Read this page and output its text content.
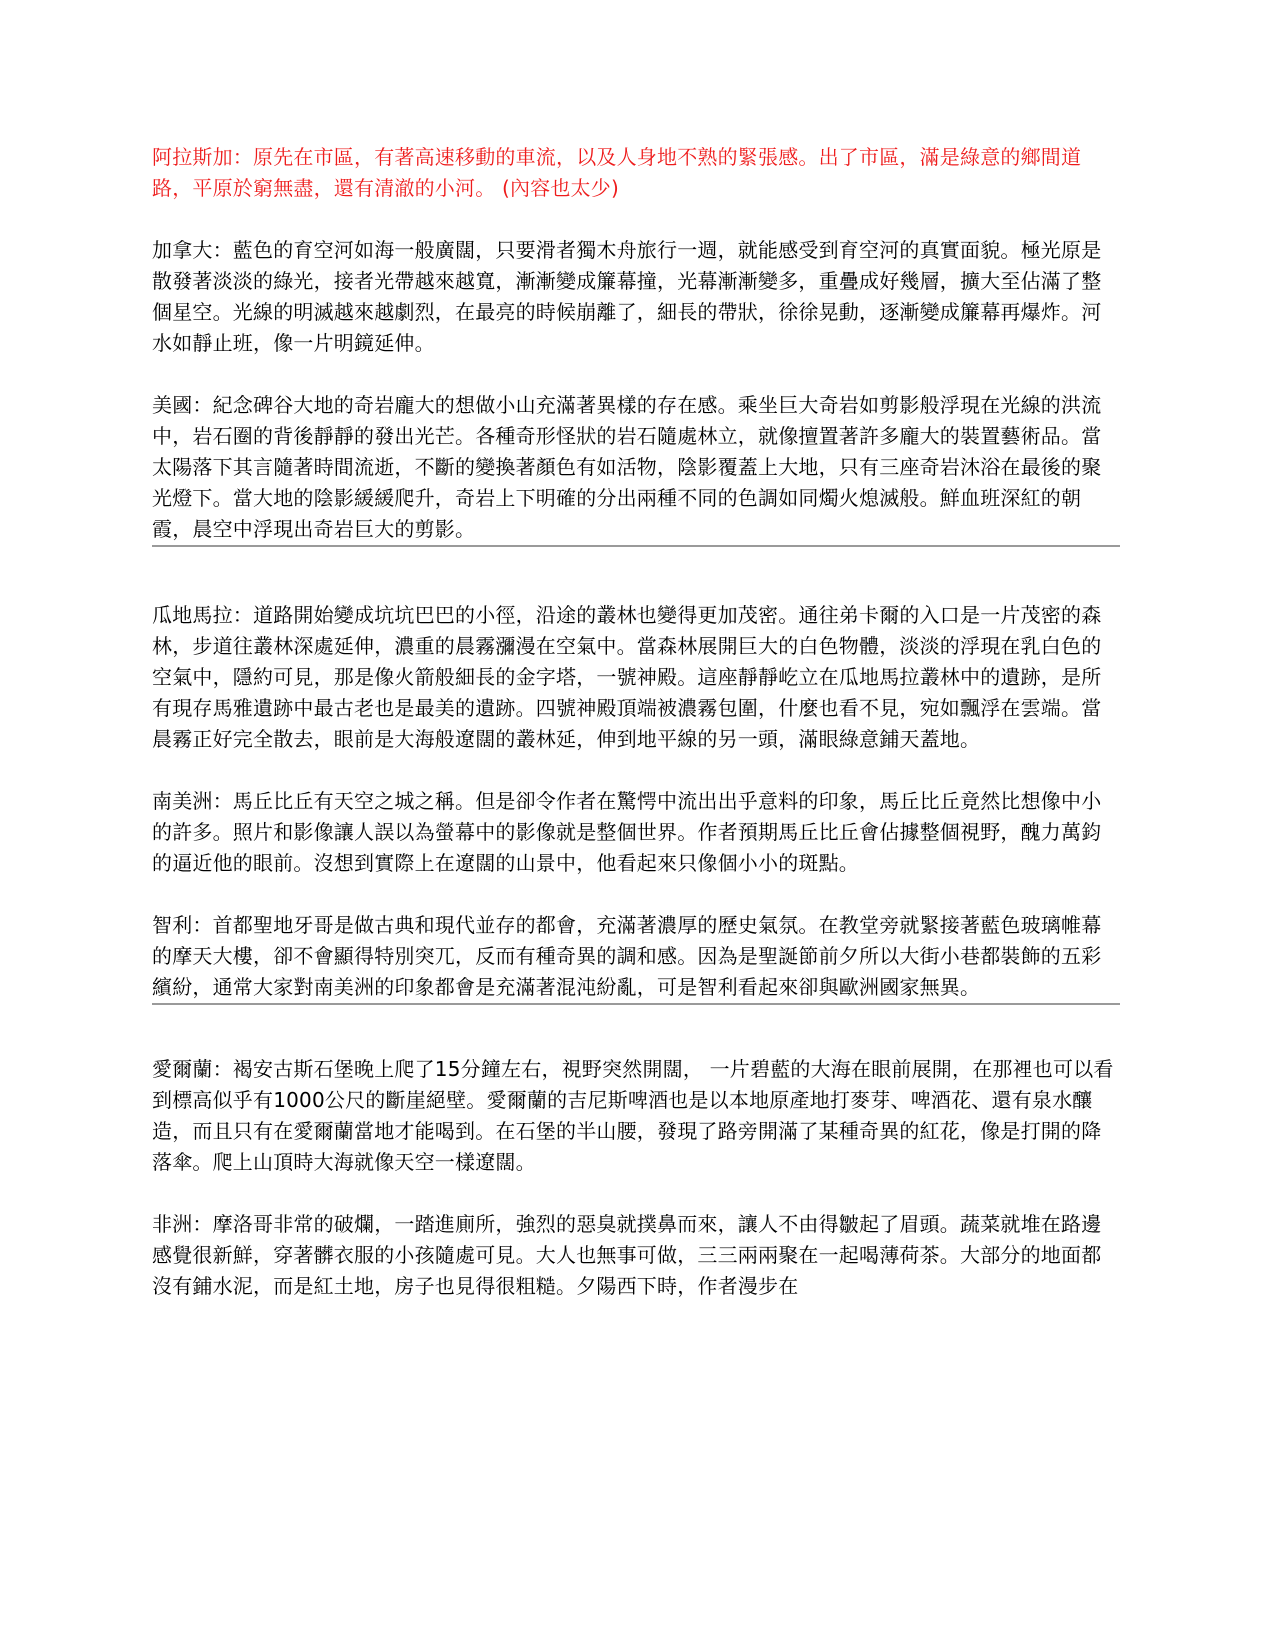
阿拉斯加：原先在市區，有著高速移動的車流，以及人身地不熟的緊張感。出了市區，滿是綠意的鄉間道路，平原於窮無盡，還有清澈的小河。 (內容也太少)

加拿大：藍色的育空河如海一般廣闊，只要滑者獨木舟旅行一週，就能感受到育空河的真實面貌。極光原是散發著淡淡的綠光，接者光帶越來越寬，漸漸變成簾幕撞，光幕漸漸變多，重疊成好幾層，擴大至佔滿了整個星空。光線的明滅越來越劇烈，在最亮的時候崩離了，細長的帶狀，徐徐晃動，逐漸變成簾幕再爆炸。河水如靜止班，像一片明鏡延伸。

美國：紀念碑谷大地的奇岩龐大的想做小山充滿著異樣的存在感。乘坐巨大奇岩如剪影般浮現在光線的洪流中，岩石圈的背後靜靜的發出光芒。各種奇形怪狀的岩石隨處林立，就像擅置著許多龐大的裝置藝術品。當太陽落下其言隨著時間流逝，不斷的變換著顏色有如活物，陰影覆蓋上大地，只有三座奇岩沐浴在最後的聚光燈下。當大地的陰影緩緩爬升，奇岩上下明確的分出兩種不同的色調如同燭火熄滅般。鮮血班深紅的朝霞，晨空中浮現出奇岩巨大的剪影。

瓜地馬拉：道路開始變成坑坑巴巴的小徑，沿途的叢林也變得更加茂密。通往弟卡爾的入口是一片茂密的森林，步道往叢林深處延伸，濃重的晨霧瀰漫在空氣中。當森林展開巨大的白色物體，淡淡的浮現在乳白色的空氣中，隱約可見，那是像火箭般細長的金字塔，一號神殿。這座靜靜屹立在瓜地馬拉叢林中的遺跡，是所有現存馬雅遺跡中最古老也是最美的遺跡。四號神殿頂端被濃霧包圍，什麼也看不見，宛如飄浮在雲端。當晨霧正好完全散去，眼前是大海般遼闊的叢林延，伸到地平線的另一頭，滿眼綠意鋪天蓋地。

南美洲：馬丘比丘有天空之城之稱。但是卻令作者在驚愕中流出出乎意料的印象，馬丘比丘竟然比想像中小的許多。照片和影像讓人誤以為螢幕中的影像就是整個世界。作者預期馬丘比丘會佔據整個視野，醜力萬鈞的逼近他的眼前。沒想到實際上在遼闊的山景中，他看起來只像個小小的斑點。

智利：首都聖地牙哥是做古典和現代並存的都會，充滿著濃厚的歷史氣氛。在教堂旁就緊接著藍色玻璃帷幕的摩天大樓，卻不會顯得特別突兀，反而有種奇異的調和感。因為是聖誕節前夕所以大街小巷都裝飾的五彩繽紛，通常大家對南美洲的印象都會是充滿著混沌紛亂，可是智利看起來卻與歐洲國家無異。

愛爾蘭：褐安古斯石堡晚上爬了15分鐘左右，視野突然開闊， 一片碧藍的大海在眼前展開，在那裡也可以看到標高似乎有1000公尺的斷崖絕壁。愛爾蘭的吉尼斯啤酒也是以本地原產地打麥芽、啤酒花、還有泉水釀造，而且只有在愛爾蘭當地才能喝到。在石堡的半山腰，發現了路旁開滿了某種奇異的紅花，像是打開的降落傘。爬上山頂時大海就像天空一樣遼闊。

非洲：摩洛哥非常的破爛，一踏進廁所，強烈的惡臭就撲鼻而來，讓人不由得皺起了眉頭。蔬菜就堆在路邊感覺很新鮮，穿著髒衣服的小孩隨處可見。大人也無事可做，三三兩兩聚在一起喝薄荷茶。大部分的地面都沒有鋪水泥，而是紅土地，房子也見得很粗糙。夕陽西下時，作者漫步在
